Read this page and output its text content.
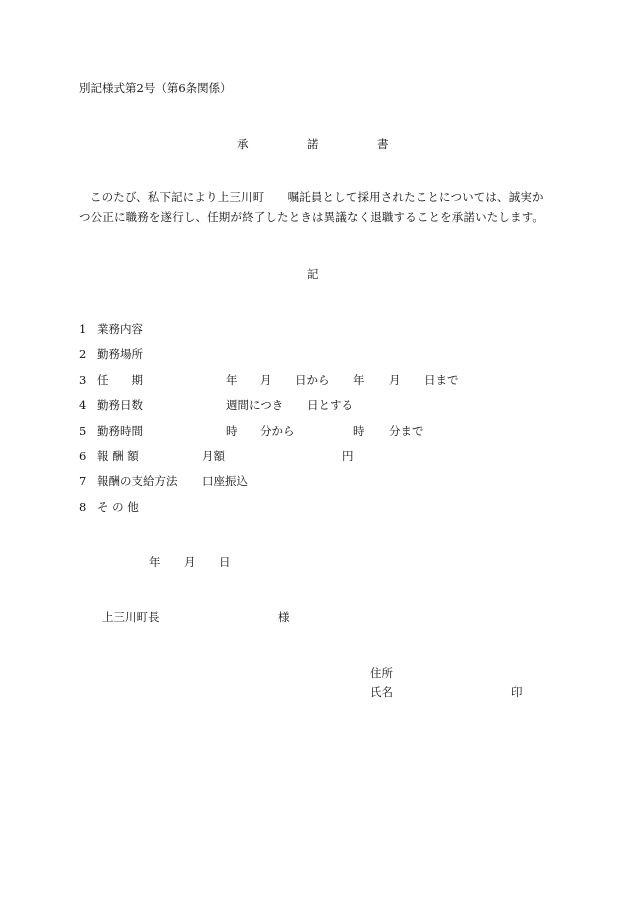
別記様式第2号（第6条関係）
承	諾	書
このたび、私下記により上三川町　　嘱託員として採用されたことについては、誠実か
つ公正に職務を遂行し、任期が終了したときは異議なく退職することを承諾いたします。
記
1 業務内容
2 勤務場所
3 任　　期	年 月 日から 年 月 日まで
4 勤務日数	週間につき 日とする
5 勤務時間	時 分から	時 分まで
6 報 酬 額	月額	円
7 報酬の支給方法 口座振込
8 そ の 他
年 月 日
上三川町長	様
住所
氏名	印
